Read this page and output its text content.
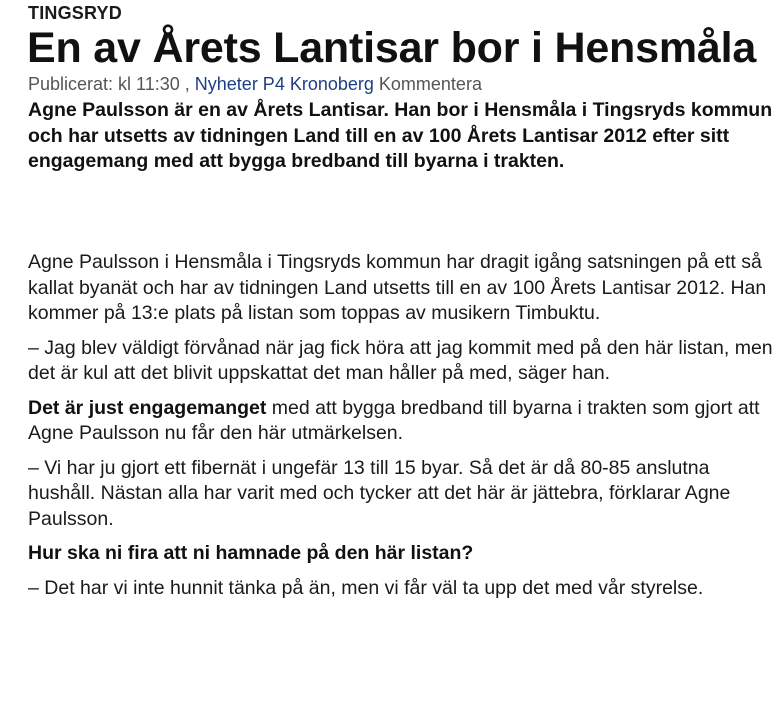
TINGSRYD
En av Årets Lantisar bor i Hensmåla
Publicerat: kl 11:30 , Nyheter P4 Kronoberg Kommentera

Agne Paulsson är en av Årets Lantisar. Han bor i Hensmåla i Tingsryds kommun och har utsetts av tidningen Land till en av 100 Årets Lantisar 2012 efter sitt engagemang med att bygga bredband till byarna i trakten.

Agne Paulsson i Hensmåla i Tingsryds kommun har dragit igång satsningen på ett så kallat byanät och har av tidningen Land utsetts till en av 100 Årets Lantisar 2012. Han kommer på 13:e plats på listan som toppas av musikern Timbuktu.

– Jag blev väldigt förvånad när jag fick höra att jag kommit med på den här listan, men det är kul att det blivit uppskattat det man håller på med, säger han.

Det är just engagemanget med att bygga bredband till byarna i trakten som gjort att Agne Paulsson nu får den här utmärkelsen.

– Vi har ju gjort ett fibernät i ungefär 13 till 15 byar. Så det är då 80-85 anslutna hushåll. Nästan alla har varit med och tycker att det här är jättebra, förklarar Agne Paulsson.

Hur ska ni fira att ni hamnade på den här listan?

– Det har vi inte hunnit tänka på än, men vi får väl ta upp det med vår styrelse.
